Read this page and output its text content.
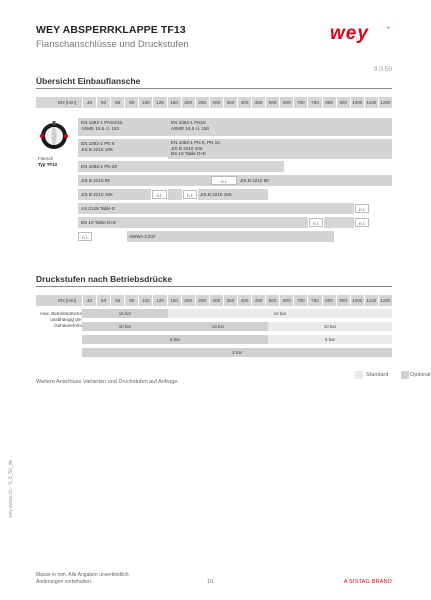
WEY ABSPERRKLAPPE TF13
Flanschanschlüsse und Druckstufen
wey	®
9.0.50
Übersicht Einbauflansche
DN [mm]	40	50	65	80	100	125	150	200	250	300	350	400	450	500	600	700	750	800	900	1000 1100 1200
Flansch
Typ TF13
EN 1092-1 PN10/16,
ASME 16.5 cl. 150
EN 1092-1 PN10
ASME 16.5 cl. 150
EN 1092-1 PN 6
JIS B 2210 10K
EN 1092-1 PN 6, PN 16
JIS B 2210 10K
BS 10 Table D+E
EN 1092-1 PN 20
JIS B 2210 5K	JIS B 2210 5K
n.l.
JIS B 2210 16K	n.l.	n.l.	JIS B 2210 16K
AS 2129 Table E	n.l.
BS 10 Table D+E	n.l.	n.l.
n.l.	AWWA C207
Druckstufen nach Betriebsdrücke
DN [mm]	40	50	65	80	100	125	150	200	250	300	350	400	450	500	600	700	750	800	900	1000 1100 1200
max. Betriebsdrücke unabhängig der Gehäuseform
16 bar	16 bar
10 bar	10 bar	10 bar
6 bar	6 bar
3 bar
Standard	Optional
Weitere Anschluss-Varianten und Druckstufen auf Anfrage.
wey.swiss.ch · 9_0_50_de
Masse in mm. Alle Angaben unverbindlich.
Änderungen vorbehalten.	1/1	A SISTAG BRAND
